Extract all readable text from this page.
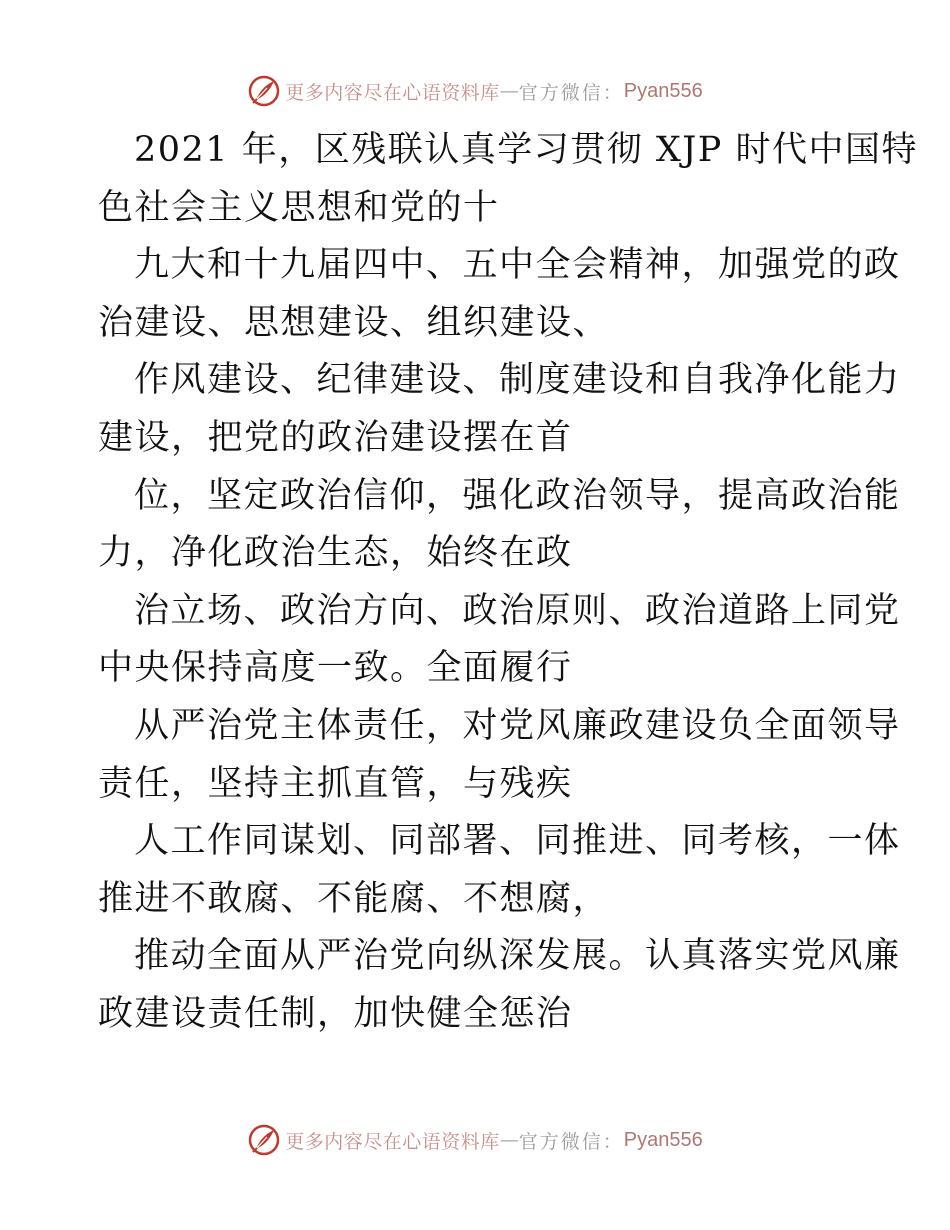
更多内容尽在心语资料库 — 官方微信： Pyan556
2021 年，区残联认真学习贯彻 XJP 时代中国特
色社会主义思想和党的十
九大和十九届四中、五中全会精神，加强党的政
治建设、思想建设、组织建设、
作风建设、纪律建设、制度建设和自我净化能力
建设，把党的政治建设摆在首
位，坚定政治信仰，强化政治领导，提高政治能
力，净化政治生态，始终在政
治立场、政治方向、政治原则、政治道路上同党
中央保持高度一致。全面履行
从严治党主体责任，对党风廉政建设负全面领导
责任，坚持主抓直管，与残疾
人工作同谋划、同部署、同推进、同考核，一体
推进不敢腐、不能腐、不想腐，
推动全面从严治党向纵深发展。认真落实党风廉
政建设责任制，加快健全惩治
更多内容尽在心语资料库 — 官方微信： Pyan556
